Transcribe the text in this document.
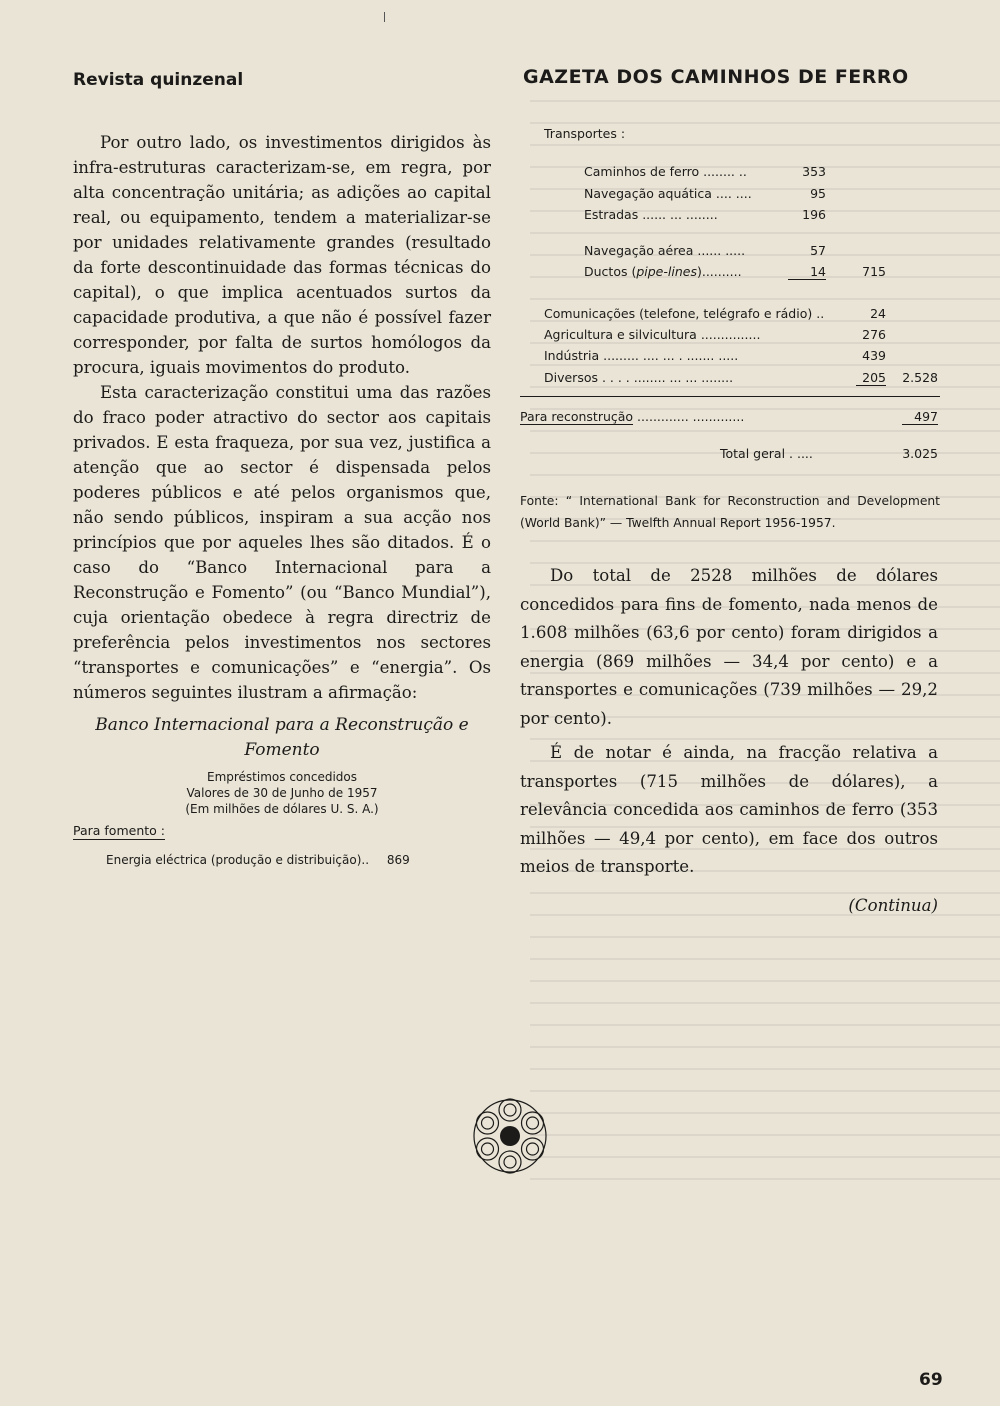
Revista quinzenal	GAZETA DOS CAMINHOS DE FERRO

Por outro lado, os investimentos dirigidos às infra-estruturas caracterizam-se, em regra, por alta concentração unitária; as adições ao capital real, ou equipamento, tendem a materializar-se por unidades relativamente grandes (resultado da forte descontinuidade das formas técnicas do capital), o que implica acentuados surtos da capacidade produtiva, a que não é possível fazer corresponder, por falta de surtos homólogos da procura, iguais movimentos do produto.

Esta caracterização constitui uma das razões do fraco poder atractivo do sector aos capitais privados. E esta fraqueza, por sua vez, justifica a atenção que ao sector é dispensada pelos poderes públicos e até pelos organismos que, não sendo públicos, inspiram a sua acção nos princípios que por aqueles lhes são ditados. É o caso do “Banco Internacional para a Reconstrução e Fomento” (ou “Banco Mundial”), cuja orientação obedece à regra directriz de preferência pelos investimentos nos sectores “transportes e comunicações” e “energia”. Os números seguintes ilustram a afirmação:

Banco Internacional para a Reconstrução e Fomento
Empréstimos concedidos
Valores de 30 de Junho de 1957
(Em milhões de dólares U. S. A.)
Para fomento :
Energia eléctrica (produção e distribuição).. 869
Transportes :
Caminhos de ferro ........ ..	353
Navegação aquática .... ....	95
Estradas ...... ... ........	196
Navegação aérea ...... .....	57
Ductos (pipe-lines)..........	14	715
Comunicações (telefone, telégrafo e rádio) ..	24
Agricultura e silvicultura ...............	276
Indústria ......... .... ... . ....... .....	439
Diversos . . . . ........ ... ... ........	205	2.528
Para reconstrução ............. .............	497
Total geral . ....	3.025
Fonte: “ International Bank for Reconstruction and Development (World Bank)” — Twelfth Annual Report 1956-1957.

Do total de 2528 milhões de dólares concedidos para fins de fomento, nada menos de 1.608 milhões (63,6 por cento) foram dirigidos a energia (869 milhões — 34,4 por cento) e a transportes e comunicações (739 milhões — 29,2 por cento).

É de notar é ainda, na fracção relativa a transportes (715 milhões de dólares), a relevância concedida aos caminhos de ferro (353 milhões — 49,4 por cento), em face dos outros meios de transporte.

(Continua)
69
